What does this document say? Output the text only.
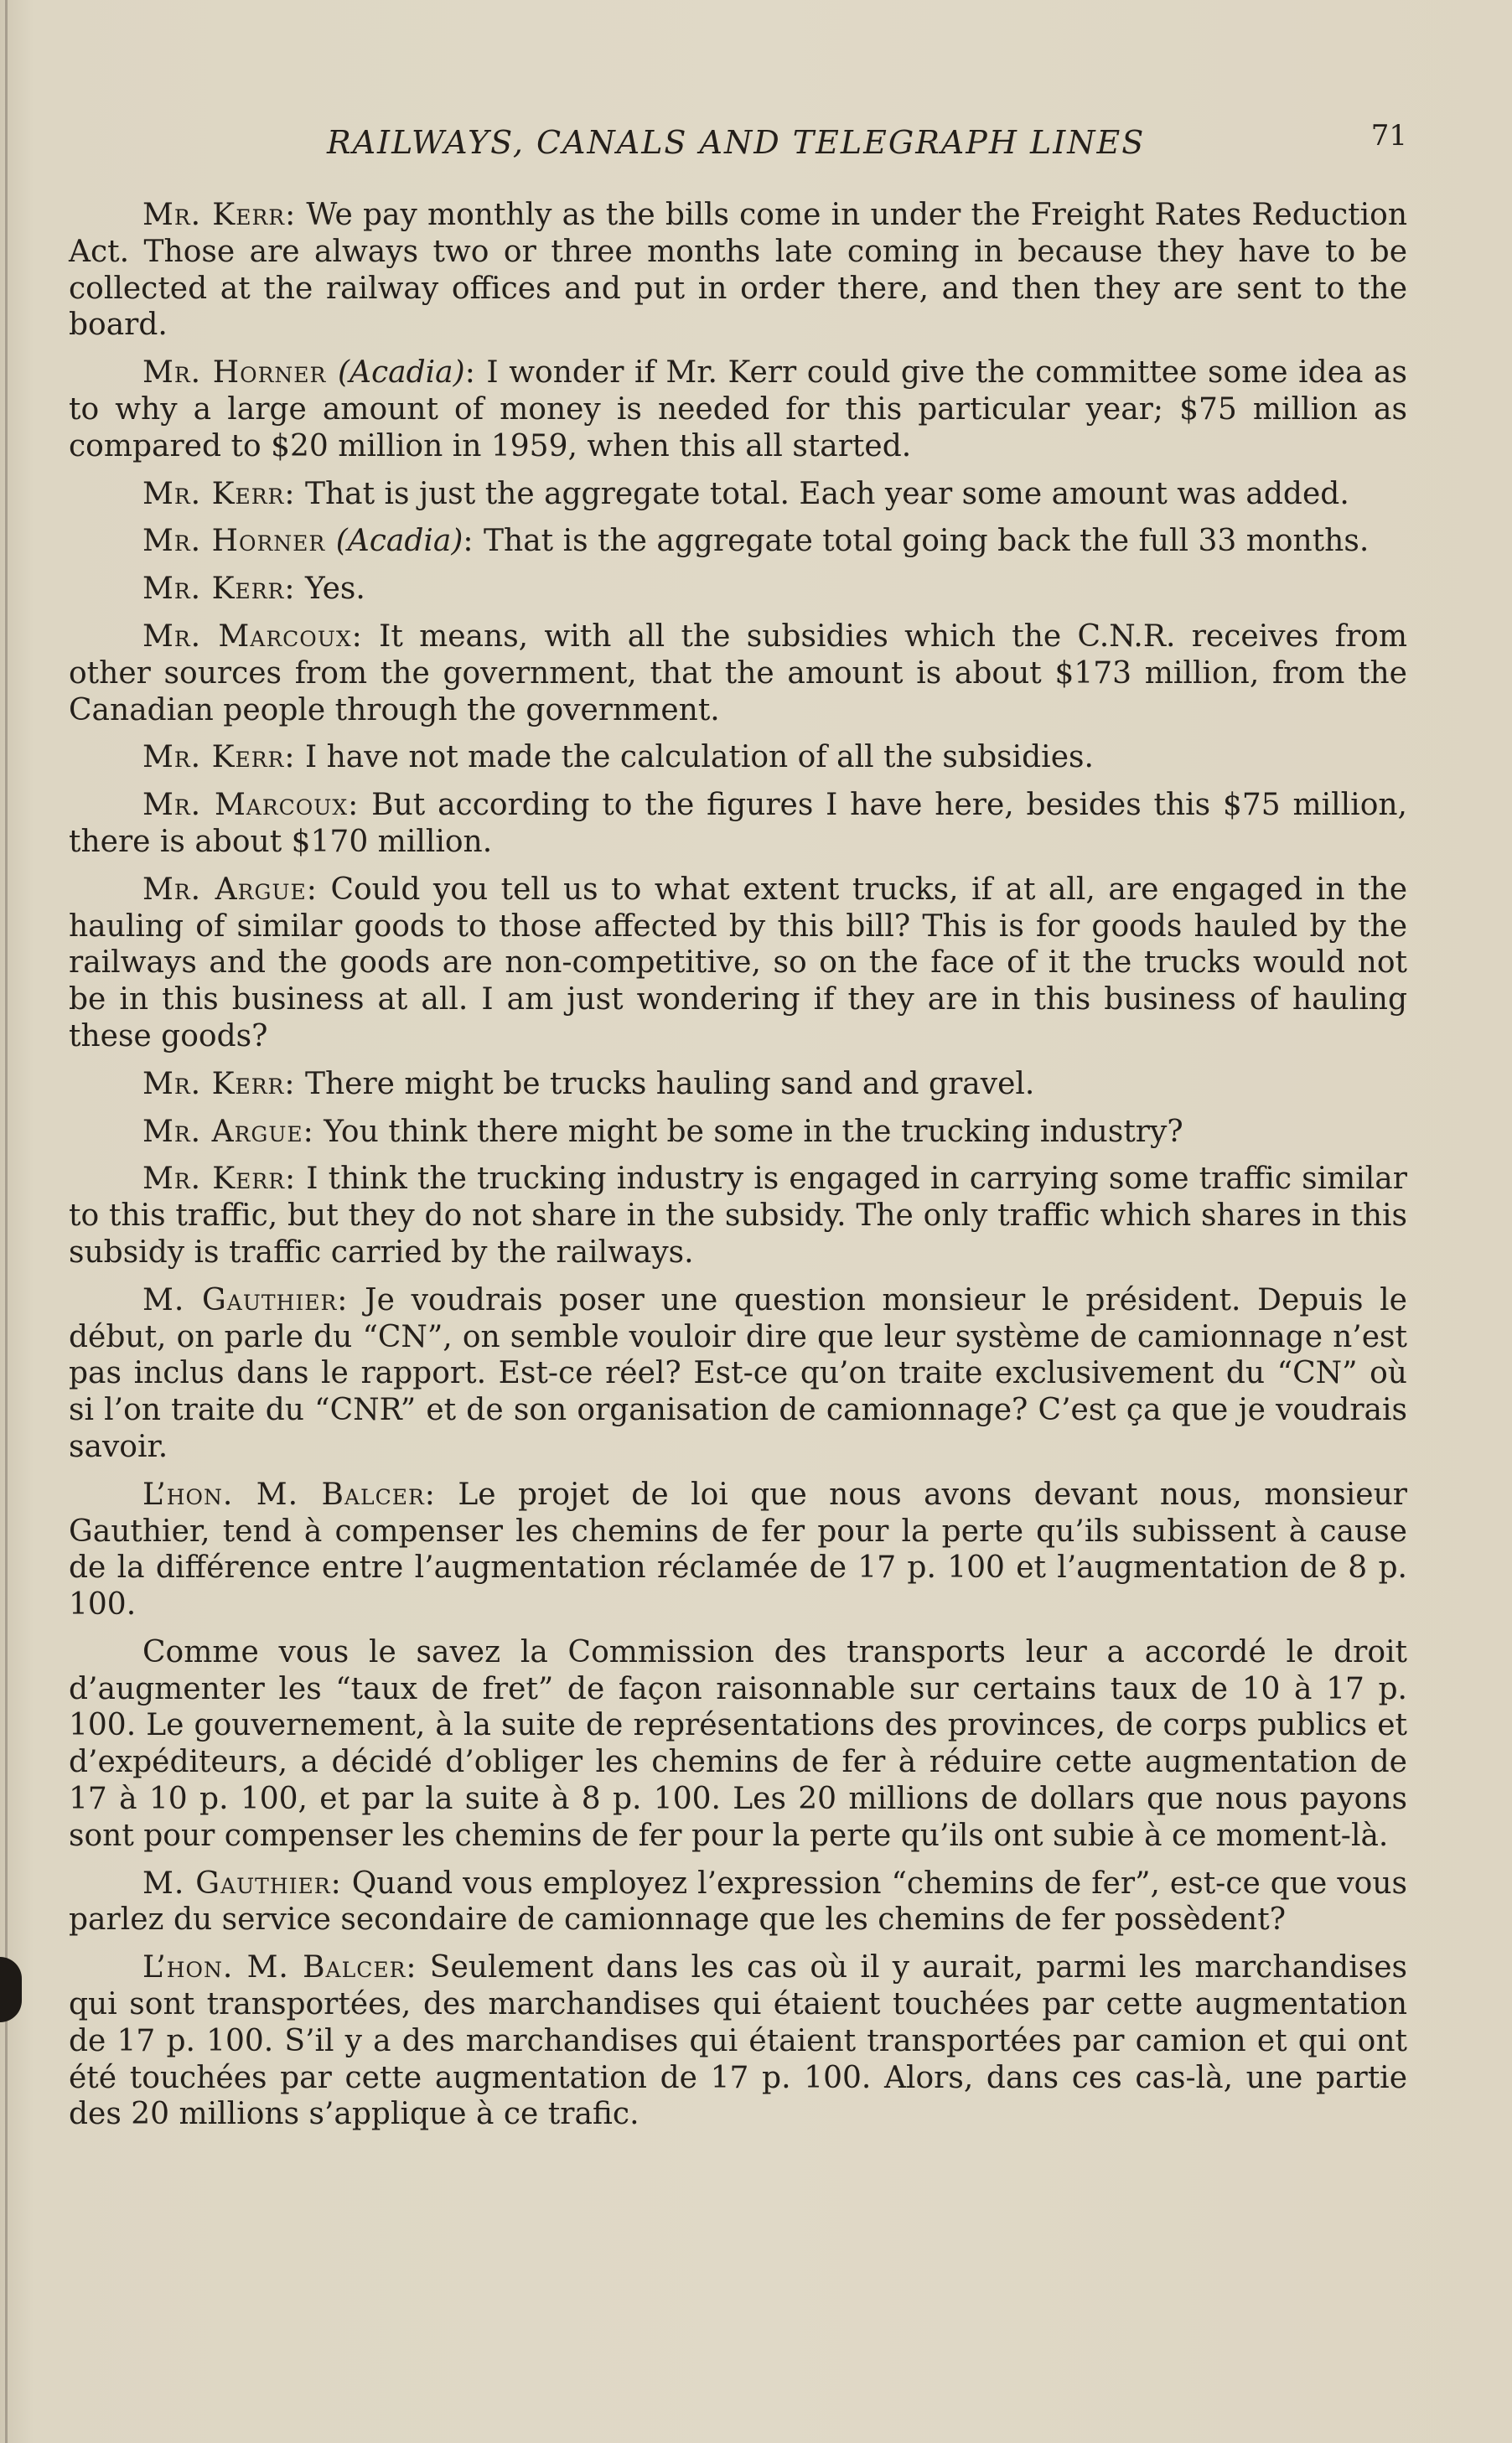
RAILWAYS, CANALS AND TELEGRAPH LINES	71

Mr. Kerr: We pay monthly as the bills come in under the Freight Rates Reduction Act. Those are always two or three months late coming in because they have to be collected at the railway offices and put in order there, and then they are sent to the board.

Mr. Horner (Acadia): I wonder if Mr. Kerr could give the committee some idea as to why a large amount of money is needed for this particular year; $75 million as compared to $20 million in 1959, when this all started.

Mr. Kerr: That is just the aggregate total. Each year some amount was added.

Mr. Horner (Acadia): That is the aggregate total going back the full 33 months.

Mr. Kerr: Yes.

Mr. Marcoux: It means, with all the subsidies which the C.N.R. receives from other sources from the government, that the amount is about $173 million, from the Canadian people through the government.

Mr. Kerr: I have not made the calculation of all the subsidies.

Mr. Marcoux: But according to the figures I have here, besides this $75 million, there is about $170 million.

Mr. Argue: Could you tell us to what extent trucks, if at all, are engaged in the hauling of similar goods to those affected by this bill? This is for goods hauled by the railways and the goods are non-competitive, so on the face of it the trucks would not be in this business at all. I am just wondering if they are in this business of hauling these goods?

Mr. Kerr: There might be trucks hauling sand and gravel.

Mr. Argue: You think there might be some in the trucking industry?

Mr. Kerr: I think the trucking industry is engaged in carrying some traffic similar to this traffic, but they do not share in the subsidy. The only traffic which shares in this subsidy is traffic carried by the railways.

M. Gauthier: Je voudrais poser une question monsieur le président. Depuis le début, on parle du “CN”, on semble vouloir dire que leur système de camionnage n’est pas inclus dans le rapport. Est-ce réel? Est-ce qu’on traite exclusivement du “CN” où si l’on traite du “CNR” et de son organisation de camionnage? C’est ça que je voudrais savoir.

L’hon. M. Balcer: Le projet de loi que nous avons devant nous, monsieur Gauthier, tend à compenser les chemins de fer pour la perte qu’ils subissent à cause de la différence entre l’augmentation réclamée de 17 p. 100 et l’augmentation de 8 p. 100.

Comme vous le savez la Commission des transports leur a accordé le droit d’augmenter les “taux de fret” de façon raisonnable sur certains taux de 10 à 17 p. 100. Le gouvernement, à la suite de représentations des provinces, de corps publics et d’expéditeurs, a décidé d’obliger les chemins de fer à réduire cette augmentation de 17 à 10 p. 100, et par la suite à 8 p. 100. Les 20 millions de dollars que nous payons sont pour compenser les chemins de fer pour la perte qu’ils ont subie à ce moment-là.

M. Gauthier: Quand vous employez l’expression “chemins de fer”, est-ce que vous parlez du service secondaire de camionnage que les chemins de fer possèdent?

L’hon. M. Balcer: Seulement dans les cas où il y aurait, parmi les marchandises qui sont transportées, des marchandises qui étaient touchées par cette augmentation de 17 p. 100. S’il y a des marchandises qui étaient transportées par camion et qui ont été touchées par cette augmentation de 17 p. 100. Alors, dans ces cas-là, une partie des 20 millions s’applique à ce trafic.
